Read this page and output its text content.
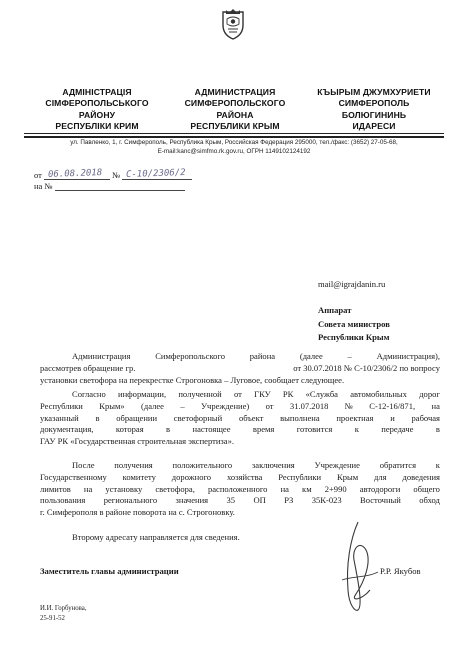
АДМІНІСТРАЦІЯ
СІМФЕРОПОЛЬСЬКОГО
РАЙОНУ
РЕСПУБЛІКИ КРИМ
АДМИНИСТРАЦИЯ
СИМФЕРОПОЛЬСКОГО
РАЙОНА
РЕСПУБЛИКИ КРЫМ
КЪЫРЫМ ДЖУМХУРИЕТИ
СИМФЕРОПОЛЬ
БОЛЮГИНИНЬ
ИДАРЕСИ
ул. Павленко, 1, г. Симферополь, Республика Крым, Российская Федерация 295000, тел./факс: (3652) 27-05-68,
E-mail:kanc@simfmo.rk.gov.ru, ОГРН 1149102124192
от 06.08.2018 № С-10/2306/2
на №
mail@igrajdanin.ru
Аппарат
Совета министров
Республики Крым
Администрация	Симферопольского	района	(далее	–	Администрация),
рассмотрев обращение гр.	от 30.07.2018 № С-10/2306/2 по вопросу
установки светофора на перекрестке Строгоновка – Луговое, сообщает следующее.
Согласно информации, полученной от ГКУ РК «Служба автомобильных дорог
Республики Крым» (далее – Учреждение) от 31.07.2018 № С-12-16/871, на
указанный в обращении светофорный объект выполнена проектная и рабочая
документация,	которая	в	настоящее	время	готовится	к	передаче	в
ГАУ РК «Государственная строительная экспертиза».
После получения положительного заключения Учреждение обратится к
Государственному комитету дорожного хозяйства Республики Крым для доведения
лимитов на установку светофора, расположенного на км 2+990 автодороги общего
пользования регионального значения 35 ОП РЗ 35К-023 Восточный обход
г. Симферополя в районе поворота на с. Строгоновку.
Второму адресату направляется для сведения.
Заместитель главы администрации	Р.Р. Якубов
И.И. Горбунова,
25-91-52
